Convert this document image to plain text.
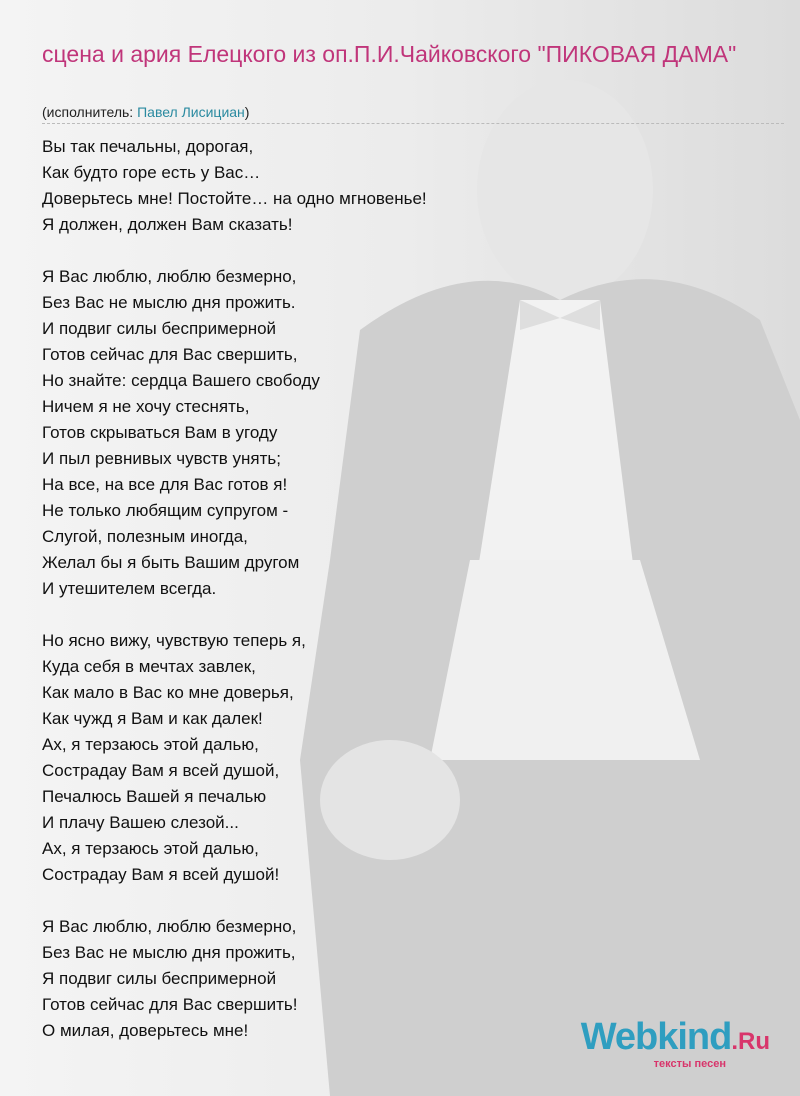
сцена и ария Елецкого из оп.П.И.Чайковского "ПИКОВАЯ ДАМА"
(исполнитель: Павел Лисициан)
Вы так печальны, дорогая,
Как будто горе есть у Вас…
Доверьтесь мне! Постойте… на одно мгновенье!
Я должен, должен Вам сказать!
Я Вас люблю, люблю безмерно,
Без Вас не мыслю дня прожить.
И подвиг силы беспримерной
Готов сейчас для Вас свершить,
Но знайте: сердца Вашего свободу
Ничем я не хочу стеснять,
Готов скрываться Вам в угоду
И пыл ревнивых чувств унять;
На все, на все для Вас готов я!
Не только любящим супругом -
Слугой, полезным иногда,
Желал бы я быть Вашим другом
И утешителем всегда.
Но ясно вижу, чувствую теперь я,
Куда себя в мечтах завлек,
Как мало в Вас ко мне доверья,
Как чужд я Вам и как далек!
Ах, я терзаюсь этой далью,
Сострадау Вам я всей душой,
Печалюсь Вашей я печалью
И плачу Вашею слезой...
Ах, я терзаюсь этой далью,
Сострадау Вам я всей душой!
Я Вас люблю, люблю безмерно,
Без Вас не мыслю дня прожить,
Я подвиг силы беспримерной
Готов сейчас для Вас свершить!
О милая, доверьтесь мне!	Webkind.Ru
тексты песен
